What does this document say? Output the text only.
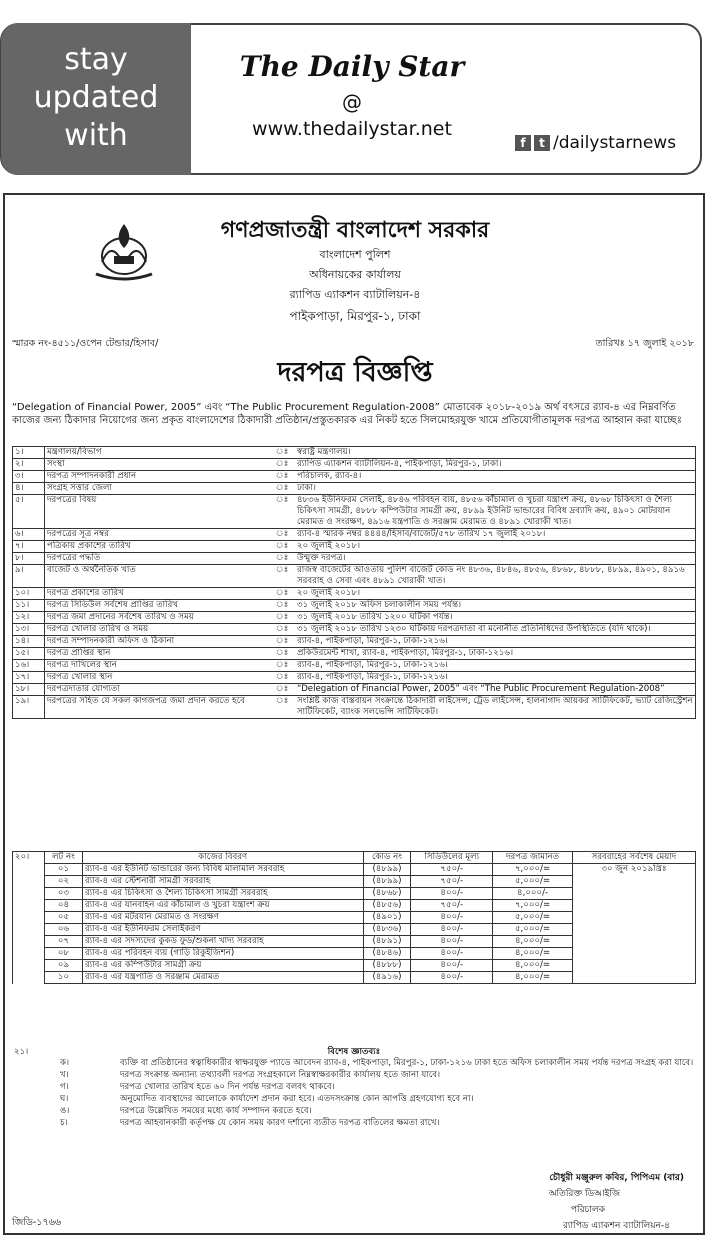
stay
updated
with
The Daily Star
@
www.thedailystar.net
f	t /dailystarnews
গণপ্রজাতন্ত্রী বাংলাদেশ সরকার
বাংলাদেশ পুলিশ
অধিনায়কের কার্যালয়
র‍্যাপিড এ্যাকশন ব্যাটালিয়ন-৪
পাইকপাড়া, মিরপুর-১, ঢাকা
স্মারক নং-৪৫১১/ওপেন টেন্ডার/হিসাব/	তারিখঃ ১৭ জুলাই ২০১৮
দরপত্র বিজ্ঞপ্তি
“Delegation of Financial Power, 2005” এবং “The Public Procurement Regulation-2008” মোতাবেক ২০১৮-২০১৯ অর্থ বৎসরে র‍্যাব-৪ এর নিম্নবর্ণিত কাজের জন্য ঠিকাদার নিয়োগের জন্য প্রকৃত বাংলাদেশের ঠিকাদারী প্রতিষ্ঠান/প্রস্তুতকারক এর নিকট হতে সিলমোহরযুক্ত খামে প্রতিযোগীতামূলক দরপত্র আহ্বান করা যাচ্ছেঃ
১।	মন্ত্রণালয়/বিভাগ	ঃ	স্বরাষ্ট্র মন্ত্রণালয়।
২।	সংস্থা	ঃ	র‍্যাপিড এ্যাকশন ব্যাটালিয়ন-৪, পাইকপাড়া, মিরপুর-১, ঢাকা।
৩।	দরপত্র সম্পাদনকারী প্রধান	ঃ	পরিচালক, র‍্যাব-৪।
৪।	সংগ্রহ সত্তার জেলা	ঃ	ঢাকা।
৫।	দরপত্রের বিষয়	ঃ	৪৮৩৬ ইউনিফরম সেলাই, ৪৮৪৬ পরিবহন ব্যয়, ৪৮৫৬ কাঁচামাল ও খুচরা যন্ত্রাংশ ক্রয়, ৪৮৬৮ চিকিৎসা ও শৈল্য চিকিৎসা সামগ্রী, ৪৮৮৮ কম্পিউটার সামগ্রী ক্রয়, ৪৮৯৯ ইউনিট ভান্ডারের বিবিধ দ্রব্যাদি ক্রয়, ৪৯০১ মোটরযান মেরামত ও সংরক্ষণ, ৪৯১৬ যন্ত্রপাতি ও সরঞ্জাম মেরামত ও ৪৮৯১ খোরাকী খাত।
৬।	দরপত্রের সূত্র নম্বর	ঃ	র‍্যাব-৪ স্মারক নম্বর ৪৪৪৪/হিসাব/বাজেট/৫৭৮ তারিখ ১৭ জুলাই ২০১৮।
৭।	পত্রিকায় প্রকাশের তারিখ	ঃ	২০ জুলাই ২০১৮।
৮।	দরপত্রের পদ্ধতি	ঃ	উন্মুক্ত দরপত্র।
৯।	বাজেট ও অর্থনৈতিক খাত	ঃ	রাজস্ব বাজেটের আওতায় পুলিশ বাজেট কোড নং ৪৮৩৬, ৪৮৪৬, ৪৮৫৬, ৪৮৬৮, ৪৮৮৮, ৪৮৯৯, ৪৯০১, ৪৯১৬ সরবরাহ ও সেবা এবং ৪৮৯১ খোরাকী খাত।
১০।	দরপত্র প্রকাশের তারিখ	ঃ	২০ জুলাই ২০১৮।
১১।	দরপত্র সিডিউল সর্বশেষ প্রাপ্তির তারিখ	ঃ	৩১ জুলাই ২০১৮ অফিস চলাকালীন সময় পর্যন্ত।
১২।	দরপত্র জমা প্রদানের সর্বশেষ তারিখ ও সময়	ঃ	৩১ জুলাই ২০১৮ তারিখ ১২০০ ঘটিকা পর্যন্ত।
১৩।	দরপত্র খোলার তারিখ ও সময়	ঃ	৩১ জুলাই ২০১৮ তারিখ ১২৩০ ঘটিকায় দরপত্রদাতা বা মনোনীত প্রতিনিধিদের উপস্থিতিতে (যদি থাকে)।
১৪।	দরপত্র সম্পাদনকারী অফিস ও ঠিকানা	ঃ	র‍্যাব-৪, পাইকপাড়া, মিরপুর-১, ঢাকা-১২১৬।
১৫।	দরপত্র প্রাপ্তির স্থান	ঃ	প্রকিউরমেন্ট শাখা, র‍্যাব-৪, পাইকপাড়া, মিরপুর-১, ঢাকা-১২১৬।
১৬।	দরপত্র দাখিলের স্থান	ঃ	র‍্যাব-৪, পাইকপাড়া, মিরপুর-১, ঢাকা-১২১৬।
১৭।	দরপত্র খোলার স্থান	ঃ	র‍্যাব-৪, পাইকপাড়া, মিরপুর-১, ঢাকা-১২১৬।
১৮।	দরপত্রদাতার যোগ্যতা	ঃ	“Delegation of Financial Power, 2005” এবং “The Public Procurement Regulation-2008”
১৯।	দরপত্রের সহিত যে সকল কাগজপত্র জমা প্রদান করতে হবে	ঃ	সংশ্লিষ্ট কাজ বাস্তবায়ন সংক্রান্তে ঠিকাদারী লাইসেন্স, ট্রেড লাইসেন্স, হালনাগাদ আয়কর সার্টিফিকেট, ভ্যাট রেজিস্ট্রেশন সার্টিফিকেট, ব্যাংক সলভেন্সি সার্টিফিকেট।
২০।	লট নং	কাজের বিবরণ	কোড নং	সিডিউলের মূল্য	দরপত্র জামানত	সরবরাহের সর্বশেষ মেয়াদ
	০১	র‍্যাব-৪ এর ইউনিট ভান্ডারের জন্য বিবিধ মালামাল সরবরাহ	(৪৮৯৯)	৭৫০/-	৭,০০০/=	৩০ জুন ২০১৯খ্রিঃ
	০২	র‍্যাব-৪ এর স্টেশনারী সামগ্রী সরবরাহ	(৪৮৯৯)	৭৫০/-	৫,০০০/=	
	০৩	র‍্যাব-৪ এর চিকিৎসা ও শৈল্য চিকিৎসা সামগ্রী সরবরাহ	(৪৮৬৮)	৪০০/-	৪,০০০/-	
	০৪	র‍্যাব-৪ এর যানবাহন এর কাঁচামাল ও খুচরা যন্ত্রাংশ ক্রয়	(৪৮৫৬)	৭৫০/-	৭,০০০/=	
	০৫	র‍্যাব-৪ এর মটরযান মেরামত ও সংরক্ষণ	(৪৯০১)	৪০০/-	৫,০০০/=	
	০৬	র‍্যাব-৪ এর ইউনিফরম সেলাইকরণ	(৪৮৩৬)	৪০০/-	৫,০০০/=	
	০৭	র‍্যাব-৪ এর সদস্যদের কুকড ফুড/শুকনা খাদ্য সরবরাহ	(৪৮৯১)	৪০০/-	৪,০০০/=	
	০৮	র‍্যাব-৪ এর পরিবহন ব্যয় (গাড়ি রিকুইজিশন)	(৪৮৪৬)	৪০০/-	৪,০০০/=	
	০৯	র‍্যাব-৪ এর কম্পিউটার সামগ্রী ক্রয়	(৪৮৮৮)	৪০০/-	৪,০০০/=	
	১০	র‍্যাব-৪ এর যন্ত্রপাতি ও সরঞ্জাম মেরামত	(৪৯১৬)	৪০০/-	৪,০০০/=	
২১।	বিশেষ জ্ঞাতব্যঃ
ক।	ব্যক্তি বা প্রতিষ্ঠানের স্বত্বাধিকারীর স্বাক্ষরযুক্ত প্যাডে আবেদন র‍্যাব-৪, পাইকপাড়া, মিরপুর-১, ঢাকা-১২১৬ ঢাকা হতে অফিস চলাকালীন সময় পর্যন্ত দরপত্র সংগ্রহ করা যাবে।
খ।	দরপত্র সংক্রান্ত অন্যান্য তথ্যাবলী দরপত্র সংগ্রহকালে নিম্নস্বাক্ষরকারীর কার্যালয় হতে জানা যাবে।
গ।	দরপত্র খোলার তারিখ হতে ৬০ দিন পর্যন্ত দরপত্র বলবৎ থাকবে।
ঘ।	অনুমোদিত ব্যবস্থাদের আলোকে কার্যাদেশ প্রদান করা হবে। এতদসংক্রান্ত কোন আপত্তি গ্রহণযোগ্য হবে না।
ঙ।	দরপত্রে উল্লেখিত সময়ের মধ্যে কার্য সম্পাদন করতে হবে।
চ।	দরপত্র আহবানকারী কর্তৃপক্ষ যে কোন সময় কারণ দর্শানো ব্যতীত দরপত্র বাতিলের ক্ষমতা রাখে।
চৌধুরী মঞ্জুরুল কবির, পিপিএম (বার)
অতিরিক্ত ডিআইজি
পরিচালক
র‍্যাপিড এ্যাকশন ব্যাটালিয়ন-৪
জিডি-১৭৬৬
